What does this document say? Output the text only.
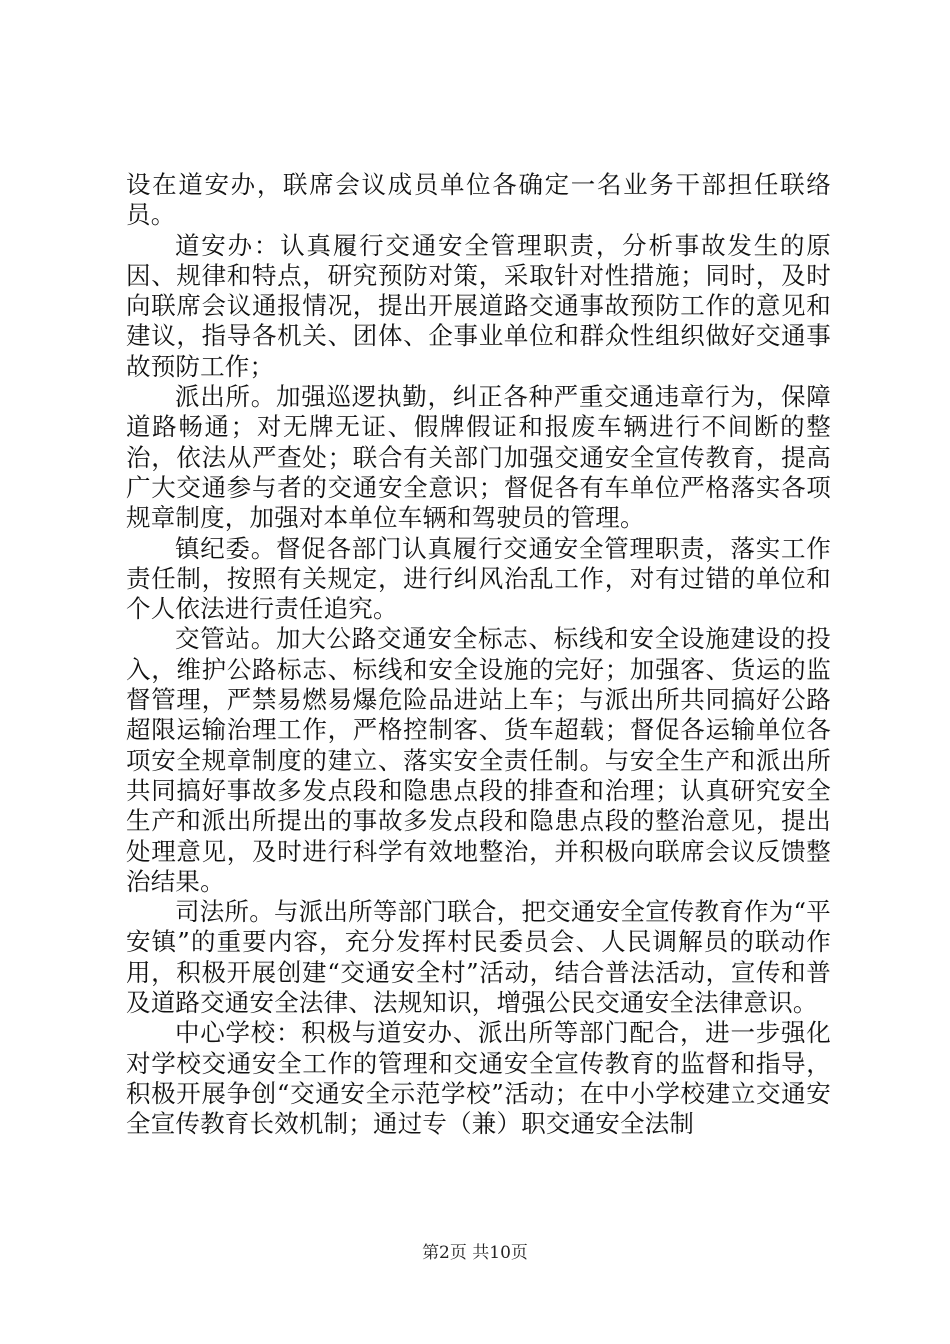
设在道安办，联席会议成员单位各确定一名业务干部担任联络员。

道安办：认真履行交通安全管理职责，分析事故发生的原因、规律和特点，研究预防对策，采取针对性措施；同时，及时向联席会议通报情况，提出开展道路交通事故预防工作的意见和建议，指导各机关、团体、企事业单位和群众性组织做好交通事故预防工作；

派出所。加强巡逻执勤，纠正各种严重交通违章行为，保障道路畅通；对无牌无证、假牌假证和报废车辆进行不间断的整治，依法从严查处；联合有关部门加强交通安全宣传教育，提高广大交通参与者的交通安全意识；督促各有车单位严格落实各项规章制度，加强对本单位车辆和驾驶员的管理。

镇纪委。督促各部门认真履行交通安全管理职责，落实工作责任制，按照有关规定，进行纠风治乱工作，对有过错的单位和个人依法进行责任追究。

交管站。加大公路交通安全标志、标线和安全设施建设的投入，维护公路标志、标线和安全设施的完好；加强客、货运的监督管理，严禁易燃易爆危险品进站上车；与派出所共同搞好公路超限运输治理工作，严格控制客、货车超载；督促各运输单位各项安全规章制度的建立、落实安全责任制。与安全生产和派出所共同搞好事故多发点段和隐患点段的排查和治理；认真研究安全生产和派出所提出的事故多发点段和隐患点段的整治意见，提出处理意见，及时进行科学有效地整治，并积极向联席会议反馈整治结果。

司法所。与派出所等部门联合，把交通安全宣传教育作为“平安镇”的重要内容，充分发挥村民委员会、人民调解员的联动作用，积极开展创建“交通安全村”活动，结合普法活动，宣传和普及道路交通安全法律、法规知识，增强公民交通安全法律意识。

中心学校：积极与道安办、派出所等部门配合，进一步强化对学校交通安全工作的管理和交通安全宣传教育的监督和指导，积极开展争创“交通安全示范学校”活动；在中小学校建立交通安全宣传教育长效机制；通过专（兼）职交通安全法制

第2页 共10页
